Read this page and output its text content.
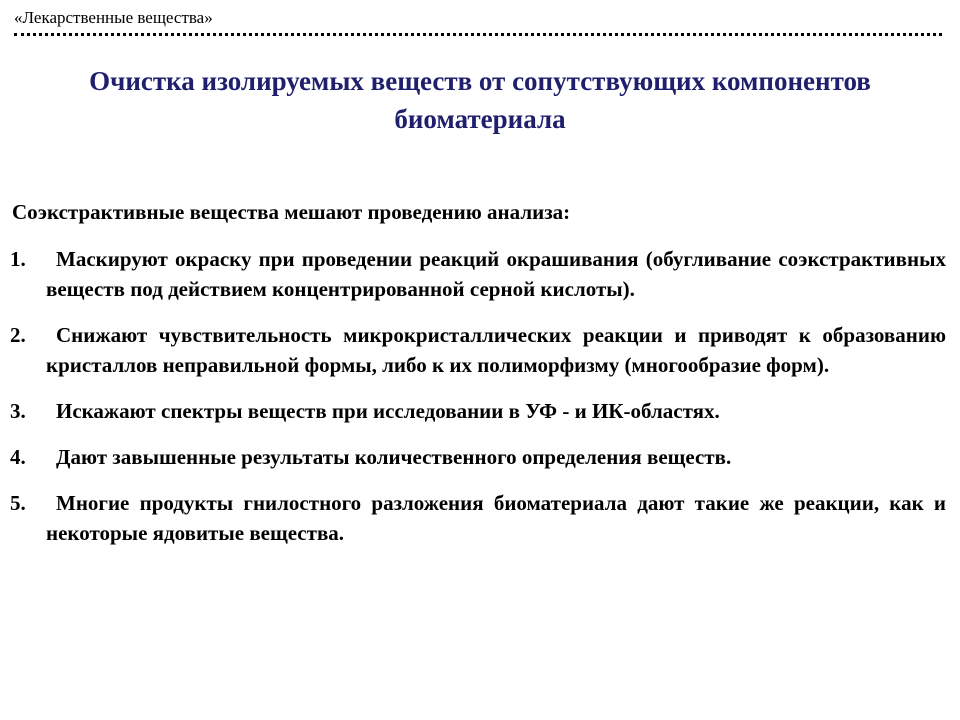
«Лекарственные вещества»
Очистка изолируемых веществ от сопутствующих компонентов
биоматериала
Соэкстрактивные вещества мешают проведению анализа:
1.	Маскируют окраску при проведении реакций окрашивания (обугливание соэкстрактивных веществ под действием концентрированной серной кислоты).
2.	Снижают чувствительность микрокристаллических реакции и приводят к образованию кристаллов неправильной формы, либо к их полиморфизму (многообразие форм).
3.	Искажают спектры веществ при исследовании в УФ - и ИК-областях.
4.	Дают завышенные результаты количественного определения веществ.
5.	Многие продукты гнилостного разложения биоматериала дают такие же реакции, как и некоторые ядовитые вещества.
